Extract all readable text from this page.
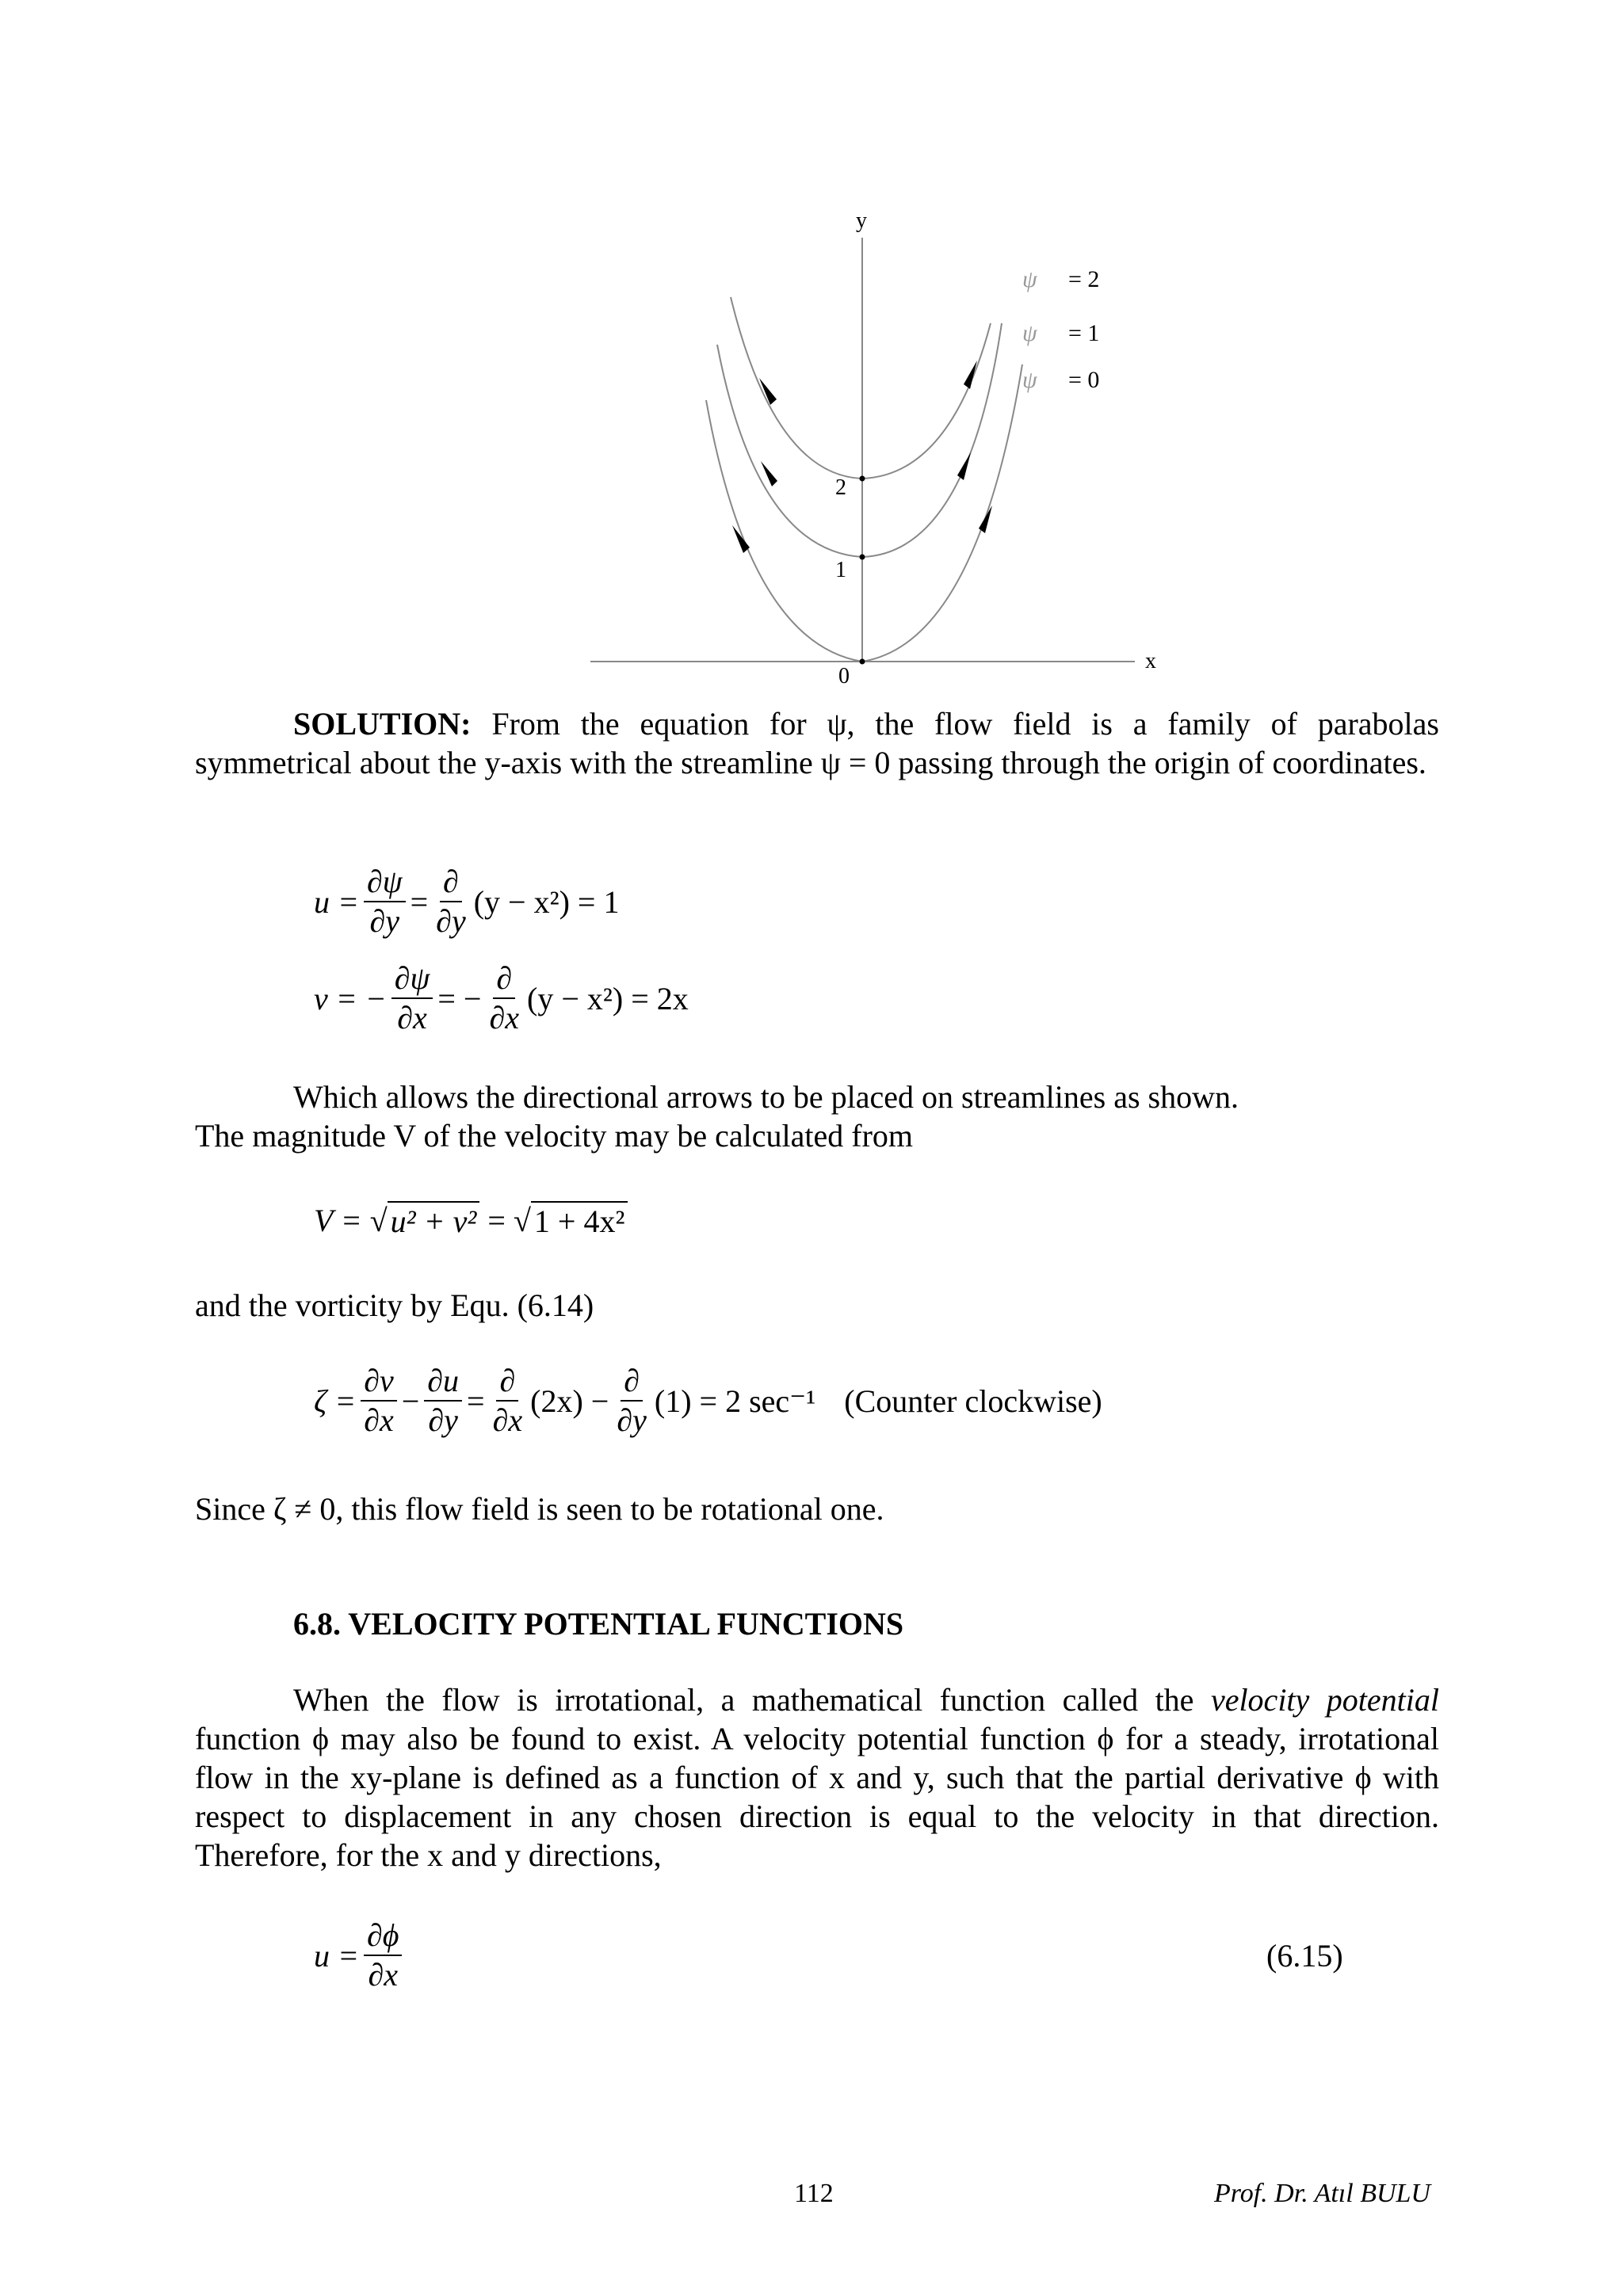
y
x
0
1
2
ψ = 2
ψ = 1
ψ = 0
SOLUTION: From the equation for ψ, the flow field is a family of parabolas symmetrical about the y-axis with the streamline ψ = 0 passing through the origin of coordinates.
$u = \frac{\partial\psi}{\partial y} = \frac{\partial}{\partial y} (y - x^2) = 1$
v = − $\frac{\partial\psi}{\partial x}$ = − $\frac{\partial}{\partial x} (y - x^2) = 2x$
Which allows the directional arrows to be placed on streamlines as shown.
The magnitude V of the velocity may be calculated from
V = √ u² + v² = √ 1 + 4x²
and the vorticity by Equ. (6.14)
$\zeta = \frac{\partial v}{\partial x} - \frac{\partial u}{\partial y} = \frac{\partial}{\partial x} (2x) - \frac{\partial}{\partial y} (1) = 2$ sec⁻¹ (Counter clockwise)
Since ζ ≠ 0, this flow field is seen to be rotational one.
6.8. VELOCITY POTENTIAL FUNCTIONS
When the flow is irrotational, a mathematical function called the velocity potential function ϕ may also be found to exist. A velocity potential function ϕ for a steady, irrotational flow in the xy-plane is defined as a function of x and y, such that the partial derivative ϕ with respect to displacement in any chosen direction is equal to the velocity in that direction. Therefore, for the x and y directions,
$u = \frac{\partial\phi}{\partial x}$	(6.15)
112	Prof. Dr. Atıl BULU
